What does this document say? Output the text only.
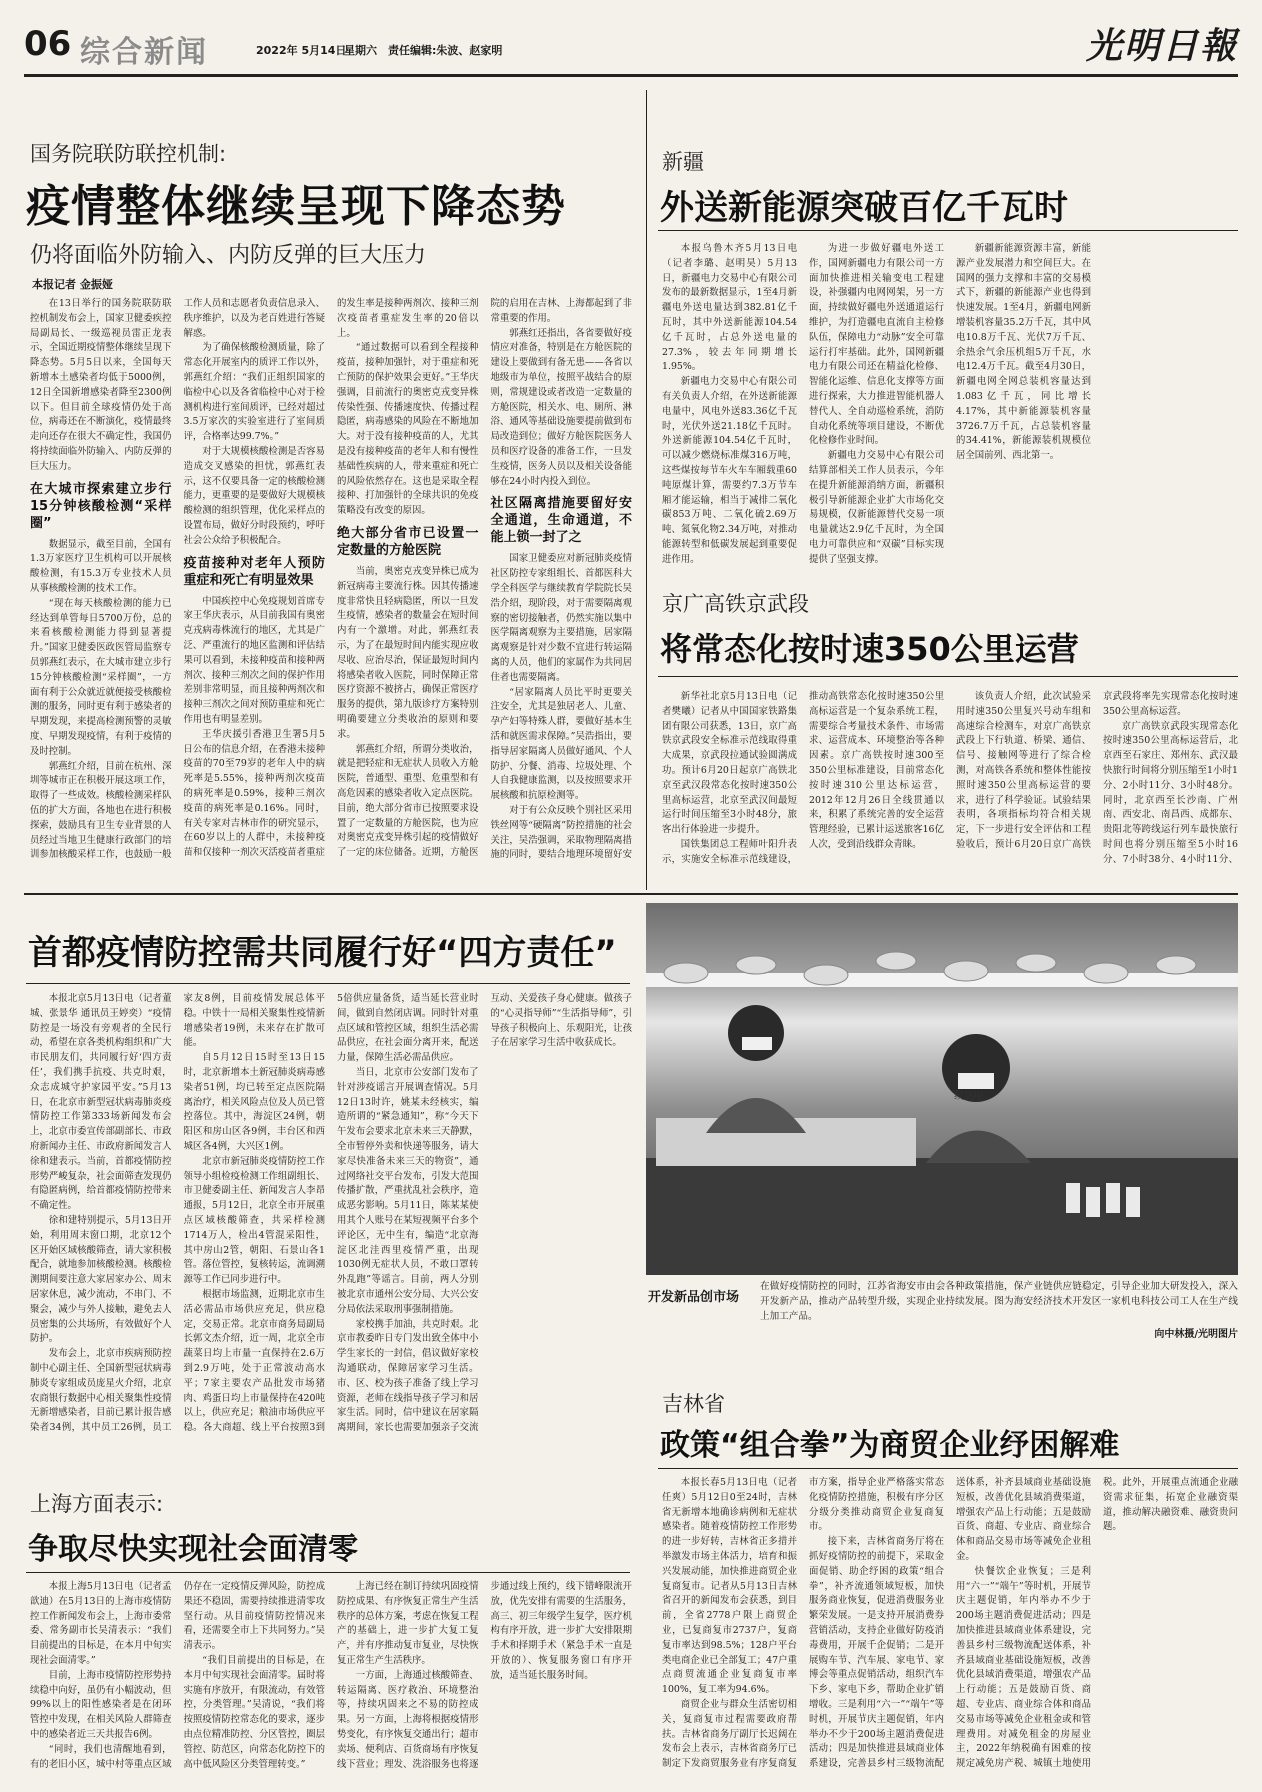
06 综合新闻	2022年 5月14日
星期六 责任编辑:朱波、赵家明	光明日報
国务院联防联控机制:
疫情整体继续呈现下降态势
仍将面临外防输入、内防反弹的巨大压力
本报记者 金振娅

在13日举行的国务院联防联控机制发布会上，国家卫健委疾控局副局长、一级巡视员雷正龙表示，全国近期疫情整体继续呈现下降态势。5月5日以来，全国每天新增本土感染者均低于5000例，12日全国新增感染者降至2300例以下。但目前全球疫情仍处于高位，病毒还在不断演化，疫情最终走向还存在很大不确定性，我国仍将持续面临外防输入、内防反弹的巨大压力。

在大城市探索建立步行15分钟核酸检测“采样圈”

数据显示，截至目前，全国有1.3万家医疗卫生机构可以开展核酸检测，有15.3万专业技术人员从事核酸检测的技术工作。

“现在每天核酸检测的能力已经达到单管每日5700万份，总的来看核酸检测能力得到显著提升。”国家卫健委医政医管局监察专员郭燕红表示，在大城市建立步行15分钟核酸检测“采样圈”，一方面有利于公众就近就便接受核酸检测的服务，同时更有利于感染者的早期发现，来提高检测预警的灵敏度、早期发现疫情，有利于疫情的及时控制。

郭燕红介绍，目前在杭州、深圳等城市正在积极开展这项工作，取得了一些成效。核酸检测采样队伍的扩大方面，各地也在进行积极探索，鼓励具有卫生专业背景的人员经过当地卫生健康行政部门的培训参加核酸采样工作，也鼓励一般工作人员和志愿者负责信息录入、秩序维护，以及为老百姓进行答疑解惑。

为了确保核酸检测质量，除了常态化开展室内的质评工作以外，郭燕红介绍：“我们正组织国家的临检中心以及各省临检中心对于检测机构进行室间质评，已经对超过3.5万家次的实验室进行了室间质评，合格率达99.7%。”

对于大规模核酸检测是否容易造成交叉感染的担忧，郭燕红表示，这不仅要具备一定的核酸检测能力，更重要的是要做好大规模核酸检测的组织管理，优化采样点的设置布局，做好分时段预约，呼吁社会公众给予积极配合。

疫苗接种对老年人预防重症和死亡有明显效果

中国疾控中心免疫规划首席专家王华庆表示，从目前我国有奥密克戎病毒株流行的地区，尤其是广泛、严重流行的地区监测和评估结果可以看到，未接种疫苗和接种两剂次、接种三剂次之间的保护作用差别非常明显，而且接种两剂次和接种三剂次之间对预防重症和死亡作用也有明显差别。

王华庆援引香港卫生署5月5日公布的信息介绍，在香港未接种疫苗的70至79岁的老年人中的病死率是5.55%，接种两剂次疫苗的病死率是0.59%，接种三剂次疫苗的病死率是0.16%。同时，有关专家对吉林市作的研究显示，在60岁以上的人群中，未接种疫苗和仅接种一剂次灭活疫苗者重症的发生率是接种两剂次、接种三剂次疫苗者重症发生率的20倍以上。

“通过数据可以看到全程接种疫苗，接种加强针，对于重症和死亡预防的保护效果会更好。”王华庆强调，目前流行的奥密克戎变异株传染性强、传播速度快、传播过程隐匿，病毒感染的风险在不断地加大。对于没有接种疫苗的人，尤其是没有接种疫苗的老年人和有慢性基础性疾病的人，带来重症和死亡的风险依然存在。这也是采取全程接种、打加强针的全球共识的免疫策略没有改变的原因。

绝大部分省市已设置一定数量的方舱医院

当前，奥密克戎变异株已成为新冠病毒主要流行株。因其传播速度非常快且轻病隐匿，所以一旦发生疫情，感染者的数量会在短时间内有一个激增。对此，郭燕红表示，为了在最短时间内能实现应收尽收、应治尽治，保证最短时间内将感染者收入医院，同时保障正常医疗资源不被挤占，确保正常医疗服务的提供，第九版诊疗方案特别明确要建立分类收治的原则和要求。

郭燕红介绍，所谓分类收治，就是把轻症和无症状人员收入方舱医院，普通型、重型、危重型和有高危因素的感染者收入定点医院。目前，绝大部分省市已按照要求设置了一定数量的方舱医院，也为应对奥密克戎变异株引起的疫情做好了一定的床位储备。近期，方舱医院的启用在吉林、上海都起到了非常重要的作用。

郭燕红还指出，各省要做好疫情应对准备，特别是在方舱医院的建设上要做到有备无患——各省以地级市为单位，按照平战结合的原则，常规建设或者改造一定数量的方舱医院，相关水、电、厕所、淋浴、通风等基础设施要提前做到布局改造到位；做好方舱医院医务人员和医疗设备的准备工作，一旦发生疫情，医务人员以及相关设备能够在24小时内投入到位。

社区隔离措施要留好安全通道，生命通道，不能上锁一封了之

国家卫健委应对新冠肺炎疫情社区防控专家组组长、首都医科大学全科医学与继续教育学院院长吴浩介绍，现阶段，对于需要隔离观察的密切接触者，仍然实施以集中医学隔离观察为主要措施，居家隔离观察是针对少数不宜进行转运隔离的人员，他们的家属作为共同居住者也需要隔离。

“居家隔离人员比平时更要关注安全，尤其是独居老人、儿童、孕产妇等特殊人群，要做好基本生活和就医需求保障。”吴浩指出，要指导居家隔离人员做好通风、个人防护、分餐、消毒、垃圾处理、个人自我健康监测，以及按照要求开展核酸和抗原检测等。

对于有公众反映个别社区采用铁丝网等“硬隔离”防控措施的社会关注，吴浩强调，采取物理隔离措施的同时，要结合地理环境留好安

新疆
外送新能源突破百亿千瓦时

本报乌鲁木齐5月13日电（记者李璐、赵明昊）5月13日，新疆电力交易中心有限公司发布的最新数据显示，1至4月新疆电外送电量达到382.81亿千瓦时，其中外送新能源104.54亿千瓦时，占总外送电量的27.3%，较去年同期增长1.95%。

新疆电力交易中心有限公司有关负责人介绍，在外送新能源电量中，风电外送83.36亿千瓦时，光伏外送21.18亿千瓦时。外送新能源104.54亿千瓦时，可以减少燃烧标准煤316万吨，这些煤按每节车火车车厢载重60吨原煤计算，需要约7.3万节车厢才能运输，相当于减排二氧化碳853万吨、二氧化硫2.69万吨、氮氧化物2.34万吨，对推动能源转型和低碳发展起到重要促进作用。

为进一步做好疆电外送工作，国网新疆电力有限公司一方面加快推进相关输变电工程建设，补强疆内电网网架，另一方面，持续做好疆电外送通道运行维护，为打造疆电直流自主检修队伍，保障电力“动脉”安全可靠运行打牢基础。此外，国网新疆电力有限公司还在精益化检修、智能化运维、信息化支撑等方面进行探索，大力推进智能机器人替代人、全自动巡检系统，消防自动化系统等项目建设，不断优化检修作业时间。

新疆电力交易中心有限公司结算部相关工作人员表示，今年在提升新能源消纳方面，新疆积极引导新能源企业扩大市场化交易规模，仅新能源替代交易一项电量就达2.9亿千瓦时，为全国电力可靠供应和“双碳”目标实现提供了坚强支撑。

新疆新能源资源丰富，新能源产业发展潜力和空间巨大。在国网的强力支撑和丰富的交易模式下，新疆的新能源产业也得到快速发展。1至4月，新疆电网新增装机容量35.2万千瓦，其中风电10.8万千瓦、光伏7万千瓦、余热余气余压机组5万千瓦，水电12.4万千瓦。截至4月30日，新疆电网全网总装机容量达到1.083亿千瓦，同比增长4.17%，其中新能源装机容量3726.7万千瓦，占总装机容量的34.41%，新能源装机规模位居全国前列、西北第一。

京广高铁京武段
将常态化按时速350公里运营

新华社北京5月13日电（记者樊曦）记者从中国国家铁路集团有限公司获悉，13日，京广高铁京武段安全标准示范线取得重大成果，京武段拉通试验圆满成功。预计6月20日起京广高铁北京至武汉段常态化按时速350公里高标运营，北京至武汉间最短运行时间压缩至3小时48分，旅客出行体验进一步提升。

国铁集团总工程师叶阳升表示，实施安全标准示范线建设，推动高铁常态化按时速350公里高标运营是一个复杂系统工程，需要综合考量技术条件、市场需求、运营成本、环境整治等各种因素。京广高铁按时速300至350公里标准建设，目前常态化按时速310公里达标运营，2012年12月26日全线贯通以来，积累了系统完善的安全运营管理经验，已累计运送旅客16亿人次，受到沿线群众青睐。

该负责人介绍，此次试验采用时速350公里复兴号动车组和高速综合检测车，对京广高铁京武段上下行轨道、桥梁、通信、信号、接触网等进行了综合检测，对高铁各系统和整体性能按照时速350公里高标运营的要求，进行了科学验证。试验结果表明，各项指标均符合相关规定，下一步进行安全评估和工程验收后，预计6月20日京广高铁京武段将率先实现常态化按时速350公里高标运营。

京广高铁京武段实现常态化按时速350公里高标运营后，北京西至石家庄、郑州东、武汉最快旅行时间将分别压缩至1小时1分、2小时11分、3小时48分。同时，北京西至长沙南、广州南、西安北、南昌西、成都东、贵阳北等跨线运行列车最快旅行时间也将分别压缩至5小时16分、7小时38分、4小时11分、

首都疫情防控需共同履行好“四方责任”

本报北京5月13日电（记者董城、张景华 通讯员王婷奕）“疫情防控是一场没有旁观者的全民行动，希望在京各类机构组织和广大市民朋友们，共同履行好‘四方责任’，我们携手抗疫、共克时艰，众志成城守护家园平安。”5月13日，在北京市新型冠状病毒肺炎疫情防控工作第333场新闻发布会上，北京市委宣传部副部长、市政府新闻办主任、市政府新闻发言人徐和建表示。当前，首都疫情防控形势严峻复杂，社会面筛查发现仍有隐匿病例，给首都疫情防控带来不确定性。

徐和建特别提示，5月13日开始，利用周末窗口期，北京12个区开始区域核酸筛查，请大家积极配合，就地参加核酸检测。核酸检测期间要注意大家居家办公、周末居家休息，减少流动，不串门、不聚会，减少与外人接触，避免去人员密集的公共场所，有效做好个人防护。

发布会上，北京市疾病预防控制中心副主任、全国新型冠状病毒肺炎专家组成员庞星火介绍，北京农商银行数据中心相关聚集性疫情无新增感染者，目前已累计报告感染者34例，其中员工26例，员工家友8例，目前疫情发展总体平稳。中铁十一局相关聚集性疫情新增感染者19例，未来存在扩散可能。

自5月12日15时至13日15时，北京新增本土新冠肺炎病毒感染者51例，均已转至定点医院隔离治疗，相关风险点位及人员已管控落位。其中，海淀区24例，朝阳区和房山区各9例，丰台区和西城区各4例，大兴区1例。

北京市新冠肺炎疫情防控工作领导小组检疫检测工作组副组长、市卫健委副主任、新闻发言人李昂通报，5月12日，北京全市开展重点区域核酸筛查，共采样检测1714万人，检出4管混采阳性，其中房山2管，朝阳、石景山各1管。落位管控，复核转运，流调溯源等工作已同步进行中。

根据市场监测，近期北京市生活必需品市场供应充足，供应稳定，交易正常。北京市商务局副局长郭文杰介绍，近一周，北京全市蔬菜日均上市量一直保持在2.6万到2.9万吨，处于正常波动高水平；7家主要农产品批发市场猪肉、鸡蛋日均上市量保持在420吨以上，供应充足；粮油市场供应平稳。各大商超、线上平台按照3到5倍供应量备货，适当延长营业时间，做到自然闭店调。同时针对重点区域和管控区域，组织生活必需品供应，在社会面分离开来，配送力量，保障生活必需品供应。

当日，北京市公安部门发布了针对涉疫谣言开展调查情况。5月12日13时许，姚某未经核实，编造所谓的“紧急通知”，称“今天下午发布会要求北京未来三天静默，全市暂停外卖和快递等服务，请大家尽快准备未来三天的物资”，通过网络社交平台发布，引发大范围传播扩散，严重扰乱社会秩序，造成恶劣影响。5月11日，陈某某使用其个人账号在某短视频平台多个评论区，无中生有，编造“北京海淀区北洼西里疫情严重，出现1030例无症状人员，不敢口罩转外乱跑”等谣言。目前，两人分别被北京市通州公安分局、大兴公安分局依法采取刑事强制措施。

家校携手加油，共克时艰。北京市教委昨日专门发出致全体中小学生家长的一封信，倡议做好家校沟通联动，保障居家学习生活。市、区、校为孩子准备了线上学习资源，老师在线指导孩子学习和居家生活。同时，信中建议在居家隔离期间，家长也需要加强亲子交流互动、关爱孩子身心健康。做孩子的“心灵指导师”“生活指导师”，引导孩子积极向上、乐观阳光，让孩子在居家学习生活中收获成长。

纹达电
开发新品创市场
在做好疫情防控的同时，江苏省海安市由会各种政策措施，保产业链供应链稳定，引导企业加大研发投入，深入开发新产品，推动产品转型升级，实现企业持续发展。图为海安经济技术开发区一家机电科技公司工人在生产线上加工产品。
向中林摄/光明图片
吉林省
政策“组合拳”为商贸企业纾困解难

本报长春5月13日电（记者任爽）5月12日0至24时，吉林省无新增本地确诊病例和无症状感染者。随着疫情防控工作形势的进一步好转，吉林省正多措并举激发市场主体活力，培育和振兴发展动能，加快推进商贸企业复商复市。记者从5月13日吉林省召开的新闻发布会获悉，到目前，全省2778户限上商贸企业，已复商复市2737户，复商复市率达到98.5%；128户平台类电商企业已全部复工；47户重点商贸流通企业复商复市率100%，复工率为94.6%。

商贸企业与群众生活密切相关，复商复市过程需要政府帮扶。吉林省商务厅副厅长迟阔在发布会上表示，吉林省商务厅已制定下发商贸服务业有序复商复市方案，指导企业严格落实常态化疫情防控措施，积极有序分区分级分类推动商贸企业复商复市。

接下来，吉林省商务厅将在抓好疫情防控的前提下，采取金面促销、助企纾困的政策“组合拳”，补齐流通领域短板，加快服务商业恢复，促进消费服务业繁荣发展。一是支持开展消费券营销活动，支持企业做好防疫消毒费用，开展千企促销；二是开展购车节、汽车展、家电节、家博会等重点促销活动，组织汽车下乡、家电下乡，帮助企业扩销增收。三是利用“六一”“端午”等时机，开展节庆主题促销，年内举办不少于200场主题消费促进活动；四是加快推进县域商业体系建设，完善县乡村三级物流配送体系，补齐县域商业基础设施短板，改善优化县域消费渠道，增强农产品上行动能；五是鼓励百货、商超、专业店、商业综合体和商品交易市场等减免企业租金。

快餐饮企业恢复；三是利用“六一”“端午”等时机，开展节庆主题促销，年内举办不少于200场主题消费促进活动；四是加快推进县域商业体系建设，完善县乡村三级物流配送体系，补齐县域商业基础设施短板，改善优化县域消费渠道，增强农产品上行动能；五是鼓励百货、商超、专业店、商业综合体和商品交易市场等减免企业租金或和管理费用。对减免租金的房屋业主，2022年纳税确有困难的按规定减免房产税、城镇土地使用税。此外，开展重点流通企业融资需求征集，拓宽企业融资渠道，推动解决融资难、融资贵问题。

上海方面表示:
争取尽快实现社会面清零

本报上海5月13日电（记者孟歆迪）在5月13日的上海市疫情防控工作新闻发布会上，上海市委常委、常务副市长吴清表示：“我们目前提出的目标是，在本月中旬实现社会面清零。”

目前，上海市疫情防控形势持续稳中向好，虽仍有小幅波动，但99%以上的阳性感染者是在闭环管控中发现，在相关风险人群筛查中的感染者近三天共报告6例。

“同时，我们也清醒地看到，有的老旧小区，城中村等重点区域仍存在一定疫情反弹风险，防控成果还不稳固，需要持续推进清零攻坚行动。从目前疫情防控情况来看，还需要全市上下共同努力。”吴清表示。

“我们目前提出的目标是，在本月中旬实现社会面清零。届时将实施有序放开，有限流动，有效管控，分类管理。”吴清说，“我们将按照疫情防控常态化的要求，逐步由点位精准防控、分区管控，圈层管控、防范区，向常态化防控下的高中低风险区分类管理转变。”

上海已经在制订持续巩固疫情防控成果、有序恢复正常生产生活秩序的总体方案，考虑在恢复工程产的基础上，进一步扩大复工复产，并有序推动复市复业，尽快恢复正常生产生活秩序。

一方面，上海通过核酸筛查、转运隔离、医疗救治、环境整治等，持续巩固来之不易的防控成果。另一方面，上海将根据疫情形势变化，有序恢复交通出行；超市卖场、便利店、百货商场有序恢复线下营业；理发、洗浴服务也将逐步通过线上预约，线下错峰限流开放，优先安排有需要的生活服务，高三、初三年级学生复学，医疗机构有序开放，进一步扩大安排限期手术和择期手术（紧急手术一直是开放的）、恢复服务窗口有序开放，适当延长服务时间。
